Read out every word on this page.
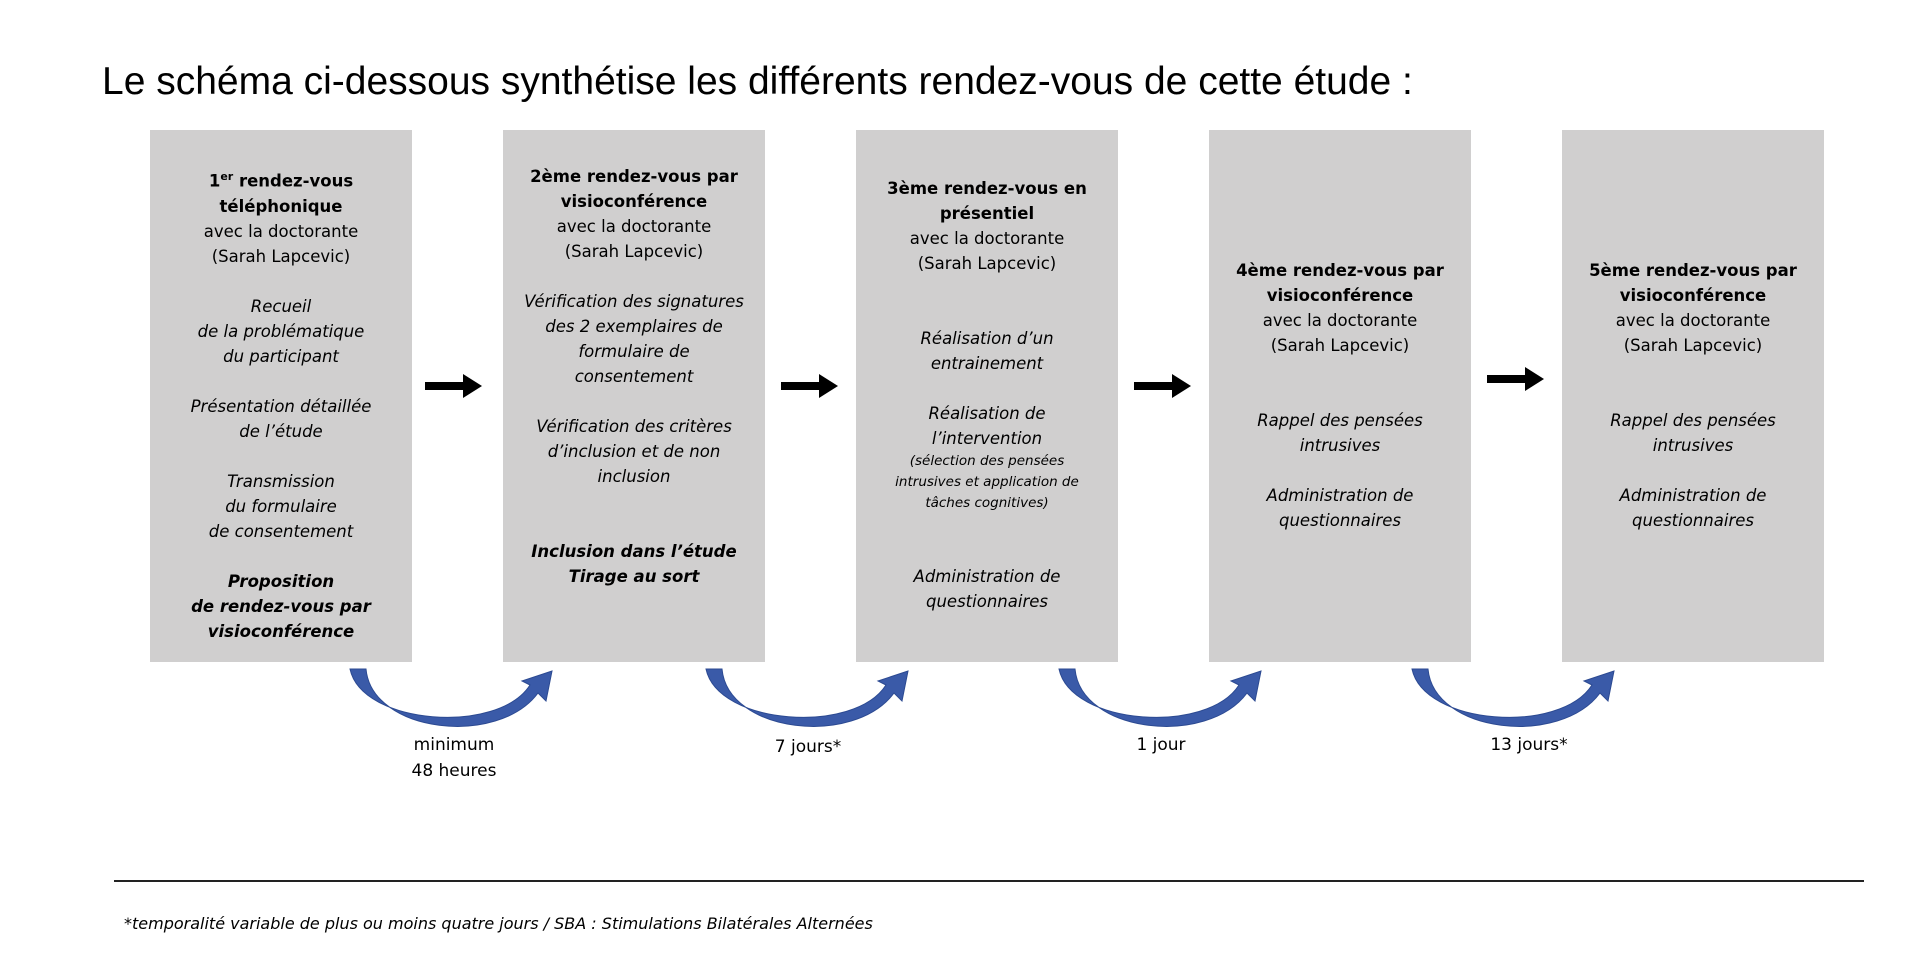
Le schéma ci-dessous synthétise les différents rendez-vous de cette étude :
1er rendez-vous
téléphonique
avec la doctorante
(Sarah Lapcevic)
Recueil
de la problématique
du participant
Présentation détaillée
de l’étude
Transmission
du formulaire
de consentement
Proposition
de rendez-vous par
visioconférence
2ème rendez-vous par
visioconférence
avec la doctorante
(Sarah Lapcevic)
Vérification des signatures
des 2 exemplaires de
formulaire de
consentement
Vérification des critères
d’inclusion et de non
inclusion
Inclusion dans l’étude
Tirage au sort
3ème rendez-vous en
présentiel
avec la doctorante
(Sarah Lapcevic)
Réalisation d’un
entrainement
Réalisation de
l’intervention
(sélection des pensées
intrusives et application de
tâches cognitives)
Administration de
questionnaires
4ème rendez-vous par
visioconférence
avec la doctorante
(Sarah Lapcevic)
Rappel des pensées
intrusives
Administration de
questionnaires
5ème rendez-vous par
visioconférence
avec la doctorante
(Sarah Lapcevic)
Rappel des pensées
intrusives
Administration de
questionnaires
minimum
48 heures
7 jours*	1 jour	13 jours*
*temporalité variable de plus ou moins quatre jours / SBA : Stimulations Bilatérales Alternées
